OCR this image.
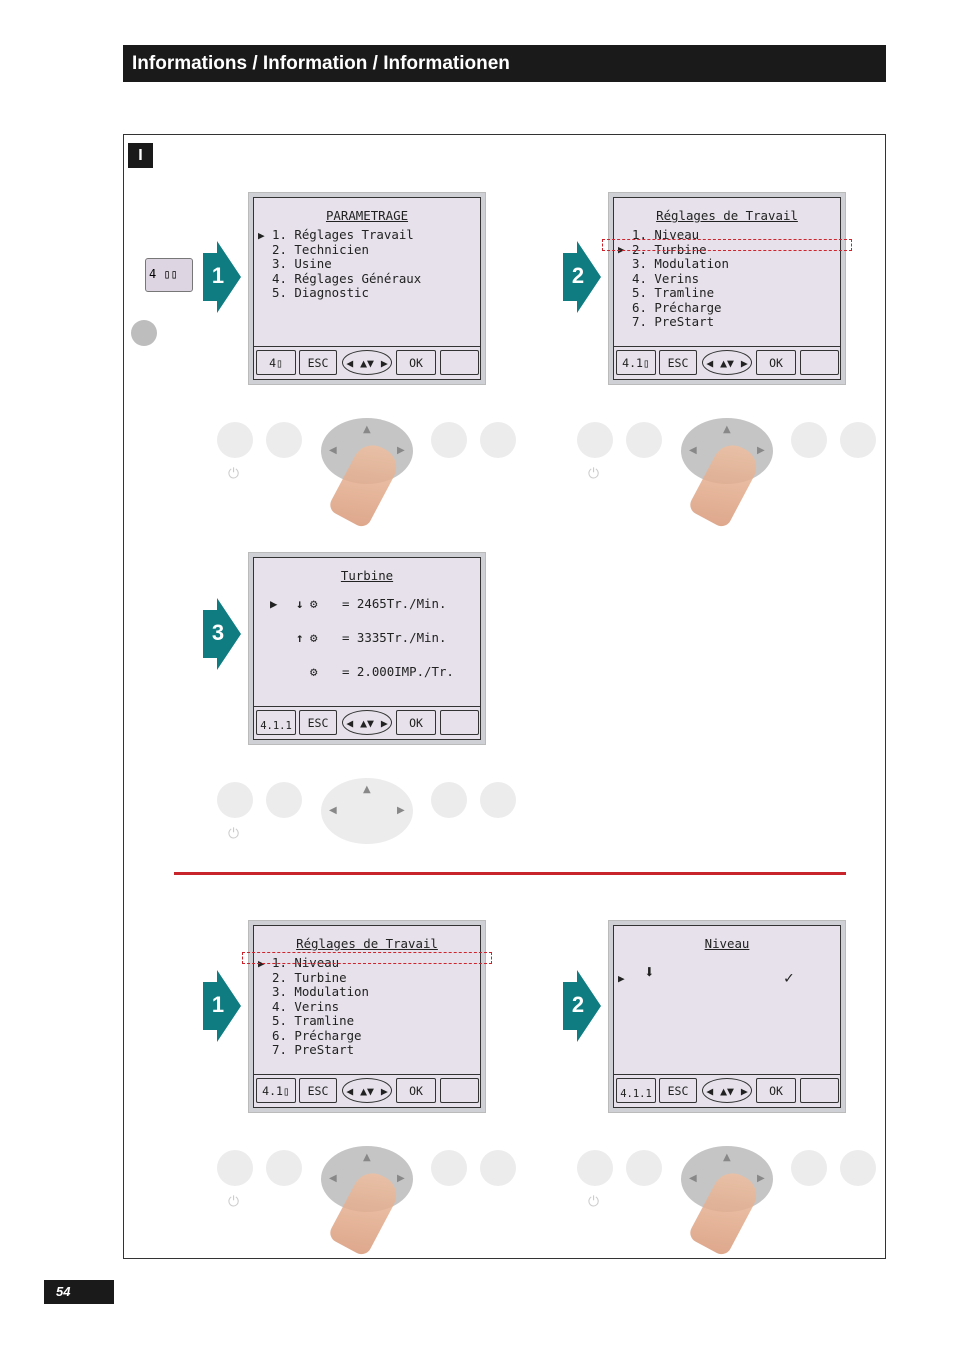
Informations / Information / Informationen
I
4 ▯▯	1	2
3
1	2
PARAMETRAGE
▶ 1. Réglages Travail
2. Technicien
3. Usine
4. Réglages Généraux
5. Diagnostic
4▯	ESC	◀ ▲▼ ▶	OK
▲
◀	▶
⏻
Réglages de Travail
▶
1. Niveau
2. Turbine
3. Modulation
4. Verins
5. Tramline
6. Précharge
7. PreStart
4.1▯	ESC	◀ ▲▼ ▶	OK
▲
◀	▶
⏻
Turbine
▶ ↓ ⚙ = 2465Tr./Min.
↑ ⚙ = 3335Tr./Min.
⚙ = 2.000IMP./Tr.
4.1.1	ESC	◀ ▲▼ ▶	OK
▲
◀	▶
⏻
Réglages de Travail
▶ 1. Niveau
2. Turbine
3. Modulation
4. Verins
5. Tramline
6. Précharge
7. PreStart
4.1▯	ESC	◀ ▲▼ ▶	OK
▲
◀	▶
⏻
Niveau
▶ ⬇	✓
4.1.1	ESC	◀ ▲▼ ▶	OK
▲
◀	▶
⏻
54
